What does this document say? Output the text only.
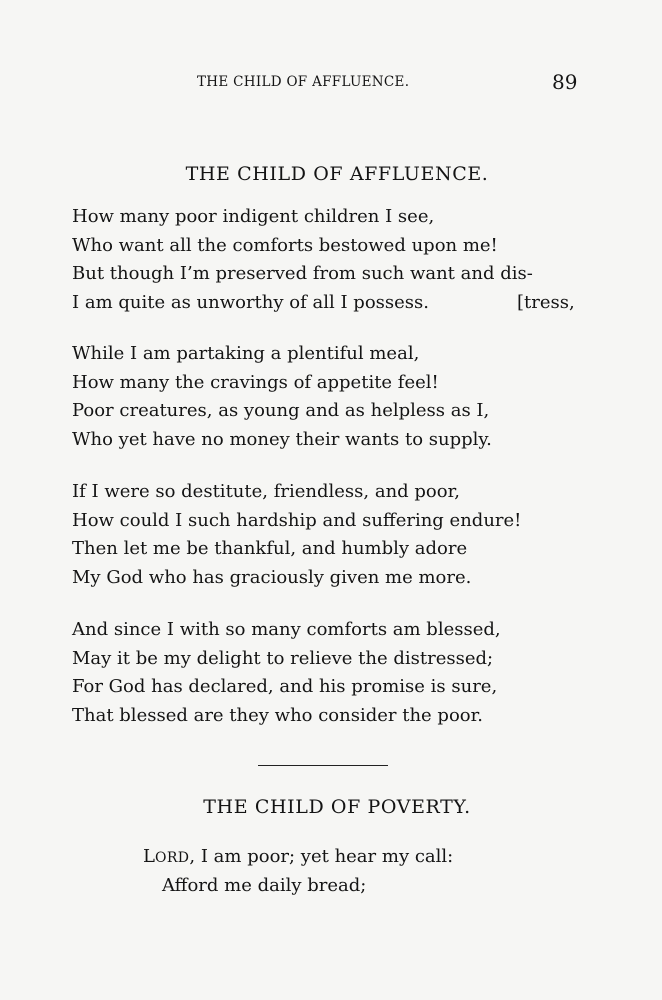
THE CHILD OF AFFLUENCE.	89
THE CHILD OF AFFLUENCE.
How many poor indigent children I see,
Who want all the comforts bestowed upon me!
But though I’m preserved from such want and dis-
I am quite as unworthy of all I possess.	[tress,
While I am partaking a plentiful meal,
How many the cravings of appetite feel!
Poor creatures, as young and as helpless as I,
Who yet have no money their wants to supply.
If I were so destitute, friendless, and poor,
How could I such hardship and suffering endure!
Then let me be thankful, and humbly adore
My God who has graciously given me more.
And since I with so many comforts am blessed,
May it be my delight to relieve the distressed;
For God has declared, and his promise is sure,
That blessed are they who consider the poor.
THE CHILD OF POVERTY.
LORD, I am poor; yet hear my call:
Afford me daily bread;
